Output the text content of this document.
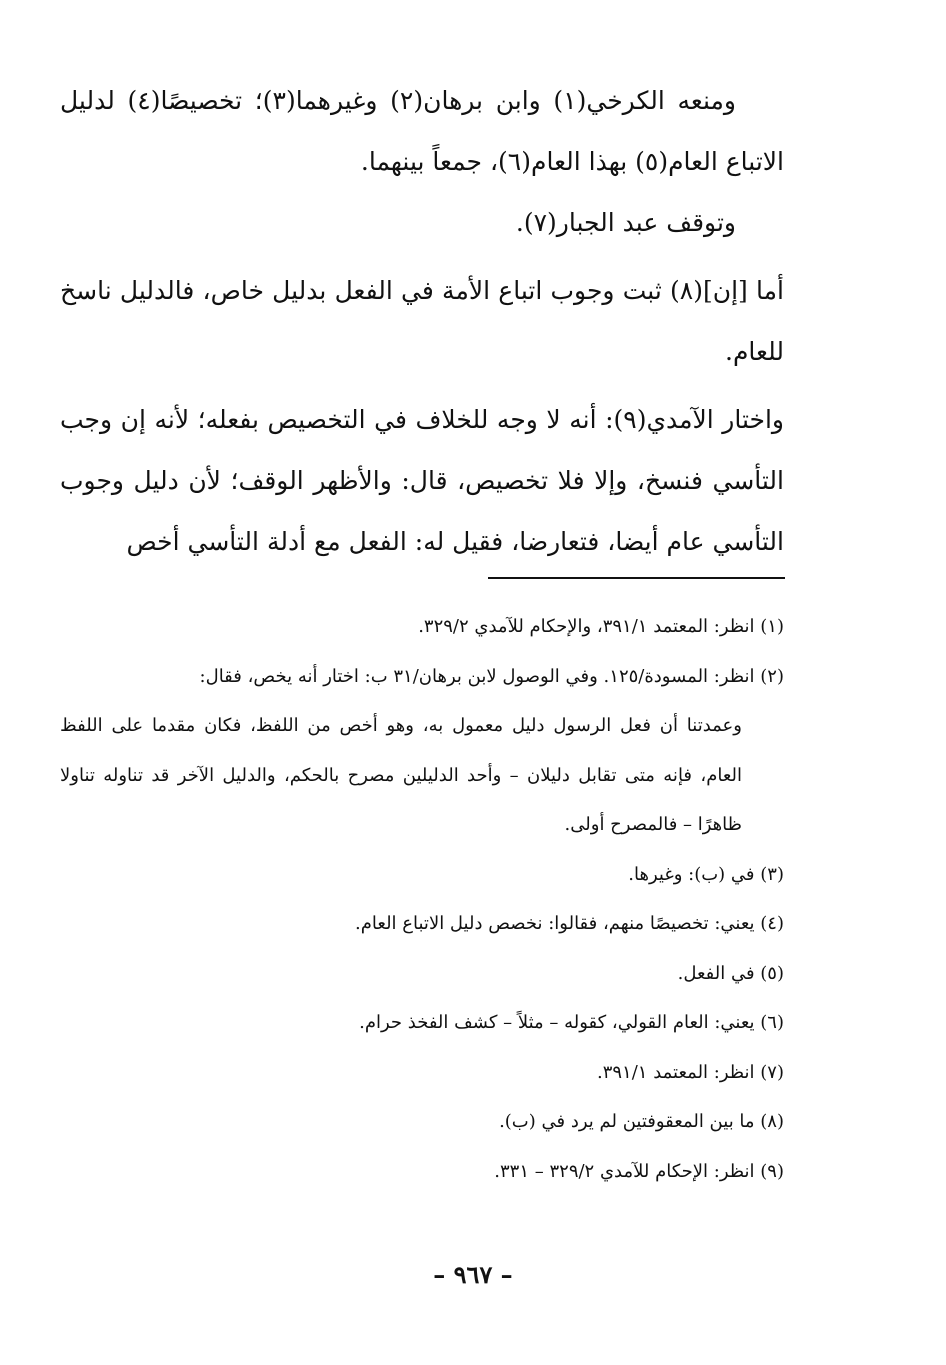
ومنعه الكرخي(١) وابن برهان(٢) وغيرهما(٣)؛ تخصيصًا(٤) لدليل الاتباع العام(٥) بهذا العام(٦)، جمعاً بينهما.

وتوقف عبد الجبار(٧).

أما [إن](٨) ثبت وجوب اتباع الأمة في الفعل بدليل خاص، فالدليل ناسخ للعام.

واختار الآمدي(٩): أنه لا وجه للخلاف في التخصيص بفعله؛ لأنه إن وجب التأسي فنسخ، وإلا فلا تخصيص، قال: والأظهر الوقف؛ لأن دليل وجوب التأسي عام أيضا، فتعارضا، فقيل له: الفعل مع أدلة التأسي أخص

(١) انظر: المعتمد ٣٩١/١، والإحكام للآمدي ٣٢٩/٢.

(٢) انظر: المسودة/١٢٥. وفي الوصول لابن برهان/٣١ ب: اختار أنه يخص، فقال:

وعمدتنا أن فعل الرسول دليل معمول به، وهو أخص من اللفظ، فكان مقدما على اللفظ العام، فإنه متى تقابل دليلان – وأحد الدليلين مصرح بالحكم، والدليل الآخر قد تناوله تناولا ظاهرًا – فالمصرح أولى.

(٣) في (ب): وغيرها.

(٤) يعني: تخصيصًا منهم، فقالوا: نخصص دليل الاتباع العام.

(٥) في الفعل.

(٦) يعني: العام القولي، كقوله – مثلاً – كشف الفخذ حرام.

(٧) انظر: المعتمد ٣٩١/١.

(٨) ما بين المعقوفتين لم يرد في (ب).

(٩) انظر: الإحكام للآمدي ٣٢٩/٢ – ٣٣١.

– ٩٦٧ –
